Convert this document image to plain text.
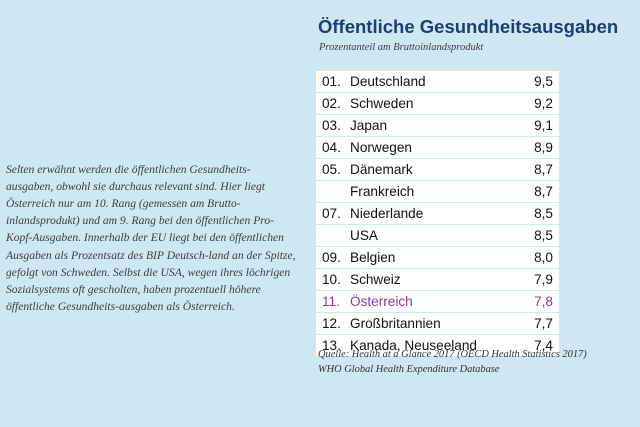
Selten erwähnt werden die öffentlichen Gesundheits-ausgaben, obwohl sie durchaus relevant sind. Hier liegt Österreich nur am 10. Rang (gemessen am Brutto-inlandsprodukt) und am 9. Rang bei den öffentlichen Pro-Kopf-Ausgaben. Innerhalb der EU liegt bei den öffentlichen Ausgaben als Prozentsatz des BIP Deutsch-land an der Spitze, gefolgt von Schweden. Selbst die USA, wegen ihres löchrigen Sozialsystems oft gescholten, haben prozentuell höhere öffentliche Gesundheits-ausgaben als Österreich.

Öffentliche Gesundheitsausgaben
Prozentanteil am Bruttoinlandsprodukt
01. Deutschland	9,5
02. Schweden	9,2
03. Japan	9,1
04. Norwegen	8,9
05. Dänemark	8,7
Frankreich	8,7
07. Niederlande	8,5
USA	8,5
09. Belgien	8,0
10. Schweiz	7,9
11. Österreich	7,8
12. Großbritannien	7,7
13. Kanada, Neuseeland	7,4
Quelle: Health at a Glance 2017 (OECD Health Statistics 2017)
WHO Global Health Expenditure Database
